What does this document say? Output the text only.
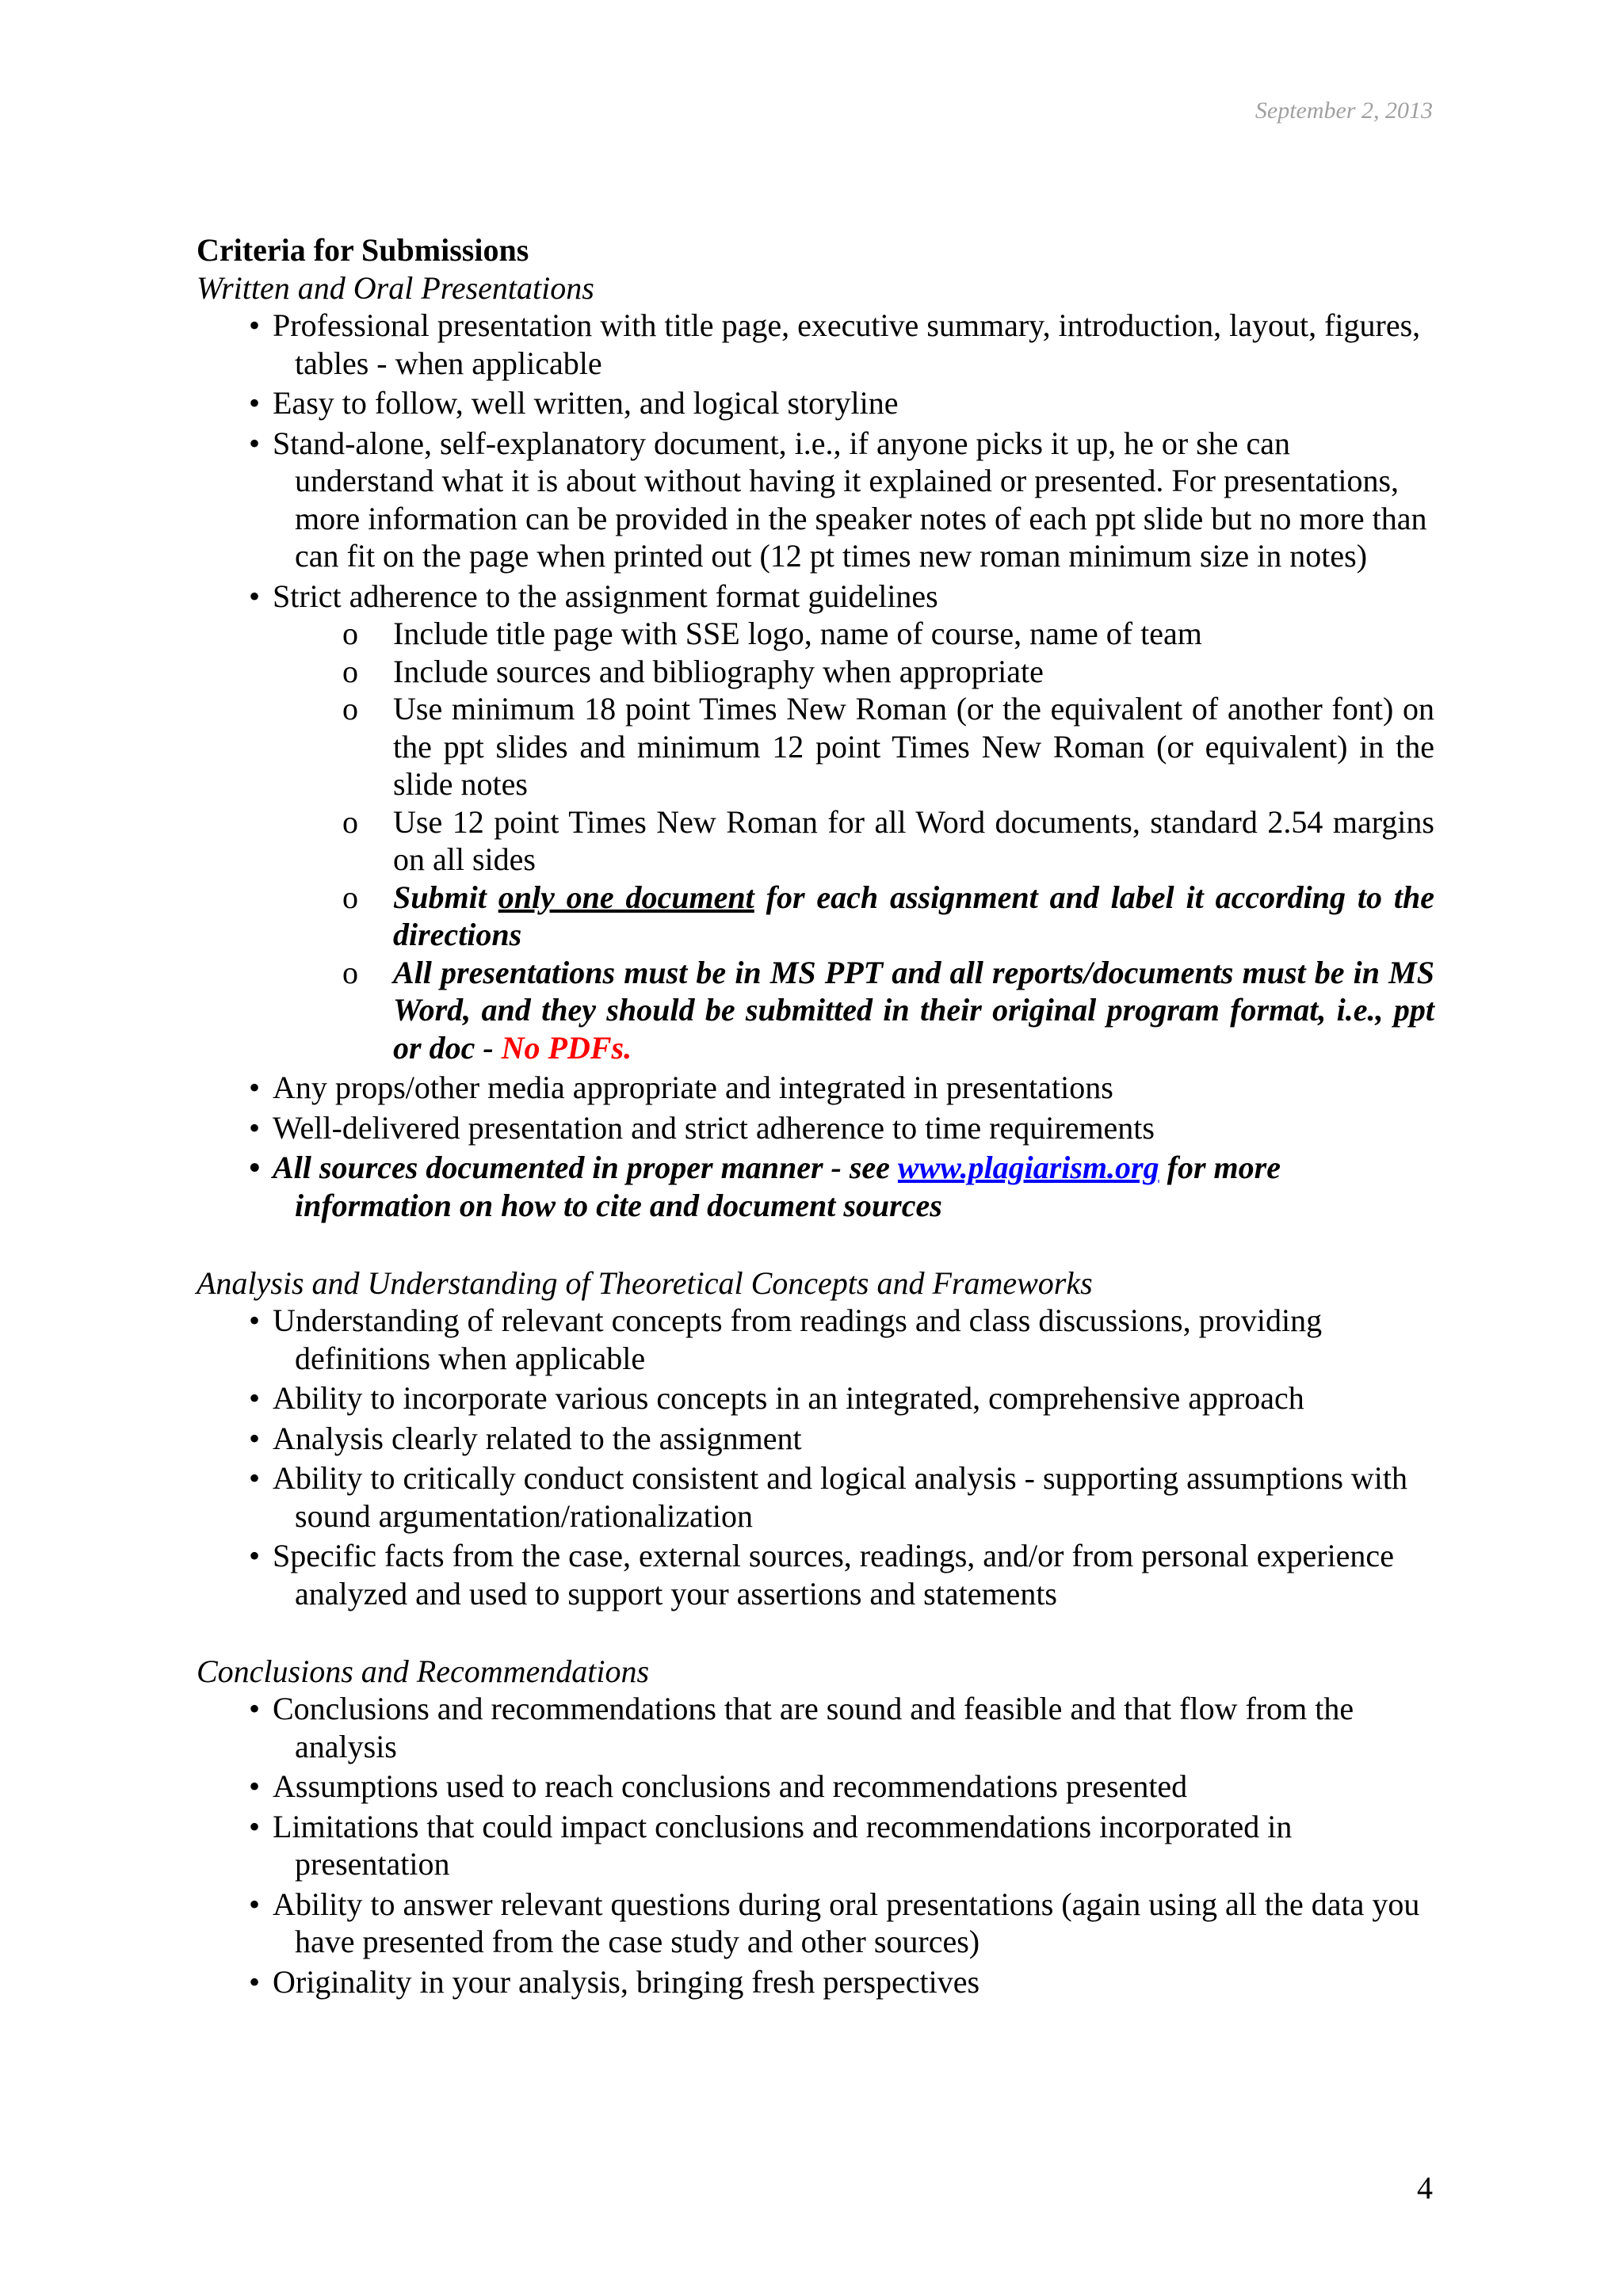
September 2, 2013

Criteria for Submissions

Written and Oral Presentations

• Professional presentation with title page, executive summary, introduction, layout, figures, tables - when applicable
• Easy to follow, well written, and logical storyline
• Stand-alone, self-explanatory document, i.e., if anyone picks it up, he or she can understand what it is about without having it explained or presented. For presentations, more information can be provided in the speaker notes of each ppt slide but no more than can fit on the page when printed out (12 pt times new roman minimum size in notes)
• Strict adherence to the assignment format guidelines
o Include title page with SSE logo, name of course, name of team
o Include sources and bibliography when appropriate
o Use minimum 18 point Times New Roman (or the equivalent of another font) on the ppt slides and minimum 12 point Times New Roman (or equivalent) in the slide notes
o Use 12 point Times New Roman for all Word documents, standard 2.54 margins on all sides
o Submit only one document for each assignment and label it according to the directions
o All presentations must be in MS PPT and all reports/documents must be in MS Word, and they should be submitted in their original program format, i.e., ppt or doc - No PDFs.
• Any props/other media appropriate and integrated in presentations
• Well-delivered presentation and strict adherence to time requirements
• All sources documented in proper manner - see www.plagiarism.org for more information on how to cite and document sources

Analysis and Understanding of Theoretical Concepts and Frameworks

• Understanding of relevant concepts from readings and class discussions, providing definitions when applicable
• Ability to incorporate various concepts in an integrated, comprehensive approach
• Analysis clearly related to the assignment
• Ability to critically conduct consistent and logical analysis - supporting assumptions with sound argumentation/rationalization
• Specific facts from the case, external sources, readings, and/or from personal experience analyzed and used to support your assertions and statements

Conclusions and Recommendations

• Conclusions and recommendations that are sound and feasible and that flow from the analysis
• Assumptions used to reach conclusions and recommendations presented
• Limitations that could impact conclusions and recommendations incorporated in presentation
• Ability to answer relevant questions during oral presentations (again using all the data you have presented from the case study and other sources)
• Originality in your analysis, bringing fresh perspectives
4
